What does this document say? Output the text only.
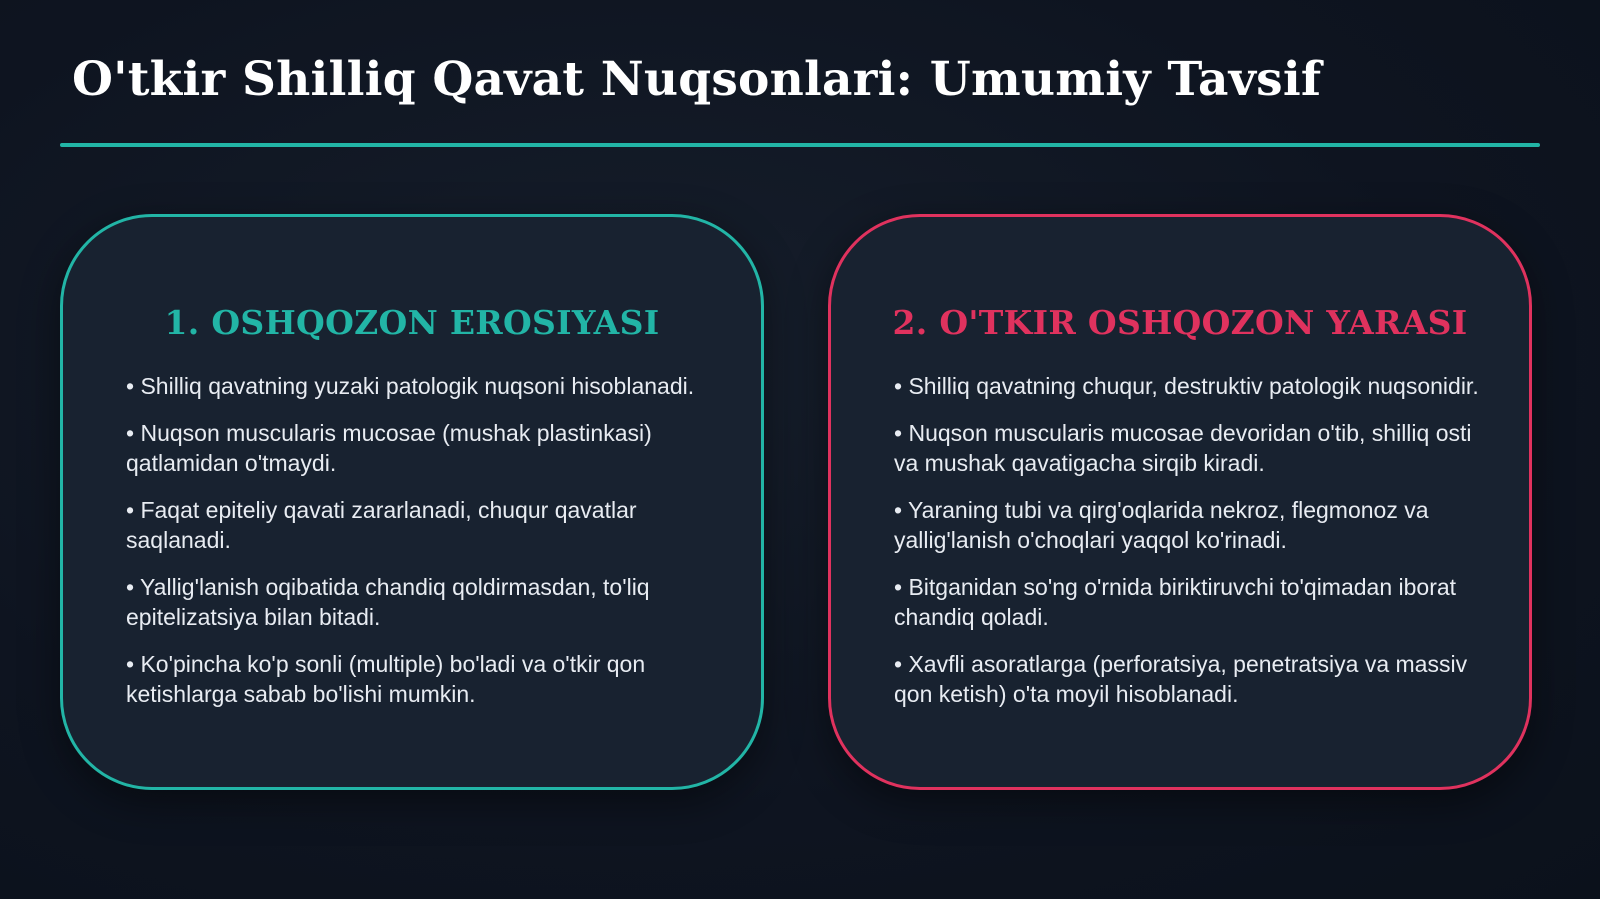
O'tkir Shilliq Qavat Nuqsonlari: Umumiy Tavsif
1. OSHQOZON EROSIYASI
• Shilliq qavatning yuzaki patologik nuqsoni hisoblanadi.
• Nuqson muscularis mucosae (mushak plastinkasi) qatlamidan o'tmaydi.
• Faqat epiteliy qavati zararlanadi, chuqur qavatlar saqlanadi.
• Yallig'lanish oqibatida chandiq qoldirmasdan, to'liq epitelizatsiya bilan bitadi.
• Ko'pincha ko'p sonli (multiple) bo'ladi va o'tkir qon ketishlarga sabab bo'lishi mumkin.
2. O'TKIR OSHQOZON YARASI
• Shilliq qavatning chuqur, destruktiv patologik nuqsonidir.
• Nuqson muscularis mucosae devoridan o'tib, shilliq osti va mushak qavatigacha sirqib kiradi.
• Yaraning tubi va qirg'oqlarida nekroz, flegmonoz va yallig'lanish o'choqlari yaqqol ko'rinadi.
• Bitganidan so'ng o'rnida biriktiruvchi to'qimadan iborat chandiq qoladi.
• Xavfli asoratlarga (perforatsiya, penetratsiya va massiv qon ketish) o'ta moyil hisoblanadi.
